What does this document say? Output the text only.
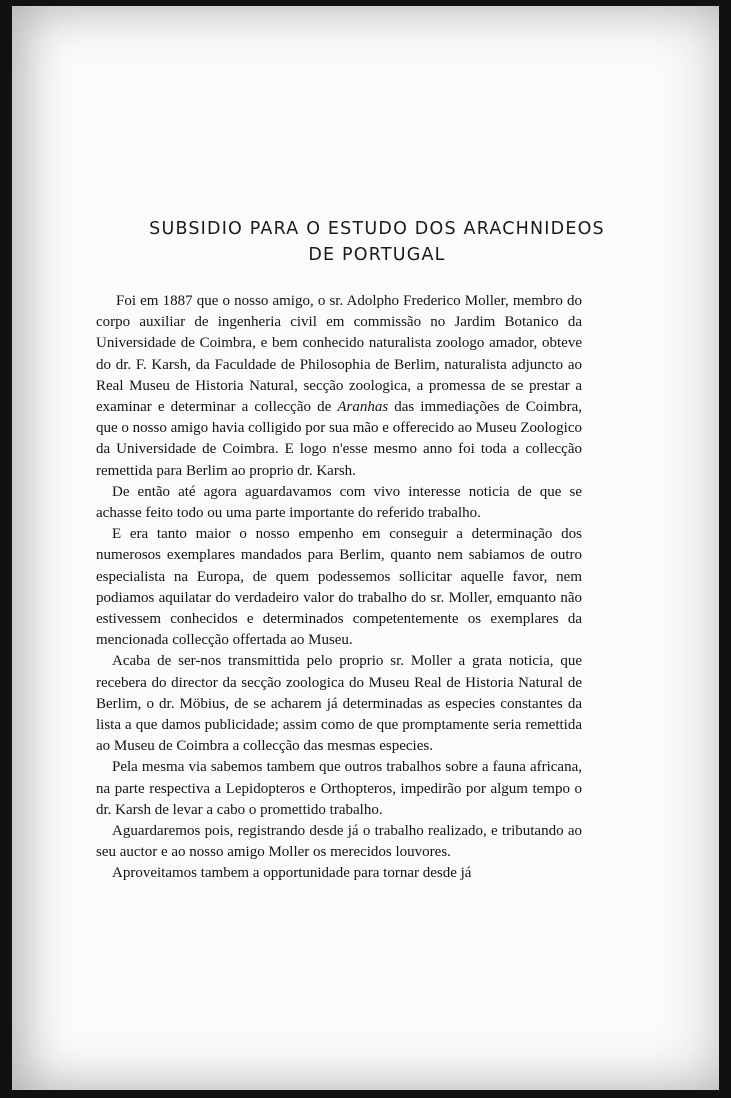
SUBSIDIO PARA O ESTUDO DOS ARACHNIDEOS
DE PORTUGAL

Foi em 1887 que o nosso amigo, o sr. Adolpho Frederico Moller, membro do corpo auxiliar de ingenheria civil em commissão no Jardim Botanico da Universidade de Coimbra, e bem conhecido naturalista zoologo amador, obteve do dr. F. Karsh, da Faculdade de Philosophia de Berlim, naturalista adjuncto ao Real Museu de Historia Natural, secção zoologica, a promessa de se prestar a examinar e determinar a collecção de Aranhas das immediações de Coimbra, que o nosso amigo havia colligido por sua mão e offerecido ao Museu Zoologico da Universidade de Coimbra. E logo n'esse mesmo anno foi toda a collecção remettida para Berlim ao proprio dr. Karsh.

De então até agora aguardavamos com vivo interesse noticia de que se achasse feito todo ou uma parte importante do referido trabalho.

E era tanto maior o nosso empenho em conseguir a determinação dos numerosos exemplares mandados para Berlim, quanto nem sabiamos de outro especialista na Europa, de quem podessemos sollicitar aquelle favor, nem podiamos aquilatar do verdadeiro valor do trabalho do sr. Moller, emquanto não estivessem conhecidos e determinados competentemente os exemplares da mencionada collecção offertada ao Museu.

Acaba de ser-nos transmittida pelo proprio sr. Moller a grata noticia, que recebera do director da secção zoologica do Museu Real de Historia Natural de Berlim, o dr. Möbius, de se acharem já determinadas as especies constantes da lista a que damos publicidade; assim como de que promptamente seria remettida ao Museu de Coimbra a collecção das mesmas especies.

Pela mesma via sabemos tambem que outros trabalhos sobre a fauna africana, na parte respectiva a Lepidopteros e Orthopteros, impedirão por algum tempo o dr. Karsh de levar a cabo o promettido trabalho.

Aguardaremos pois, registrando desde já o trabalho realizado, e tributando ao seu auctor e ao nosso amigo Moller os merecidos louvores.

Aproveitamos tambem a opportunidade para tornar desde já
